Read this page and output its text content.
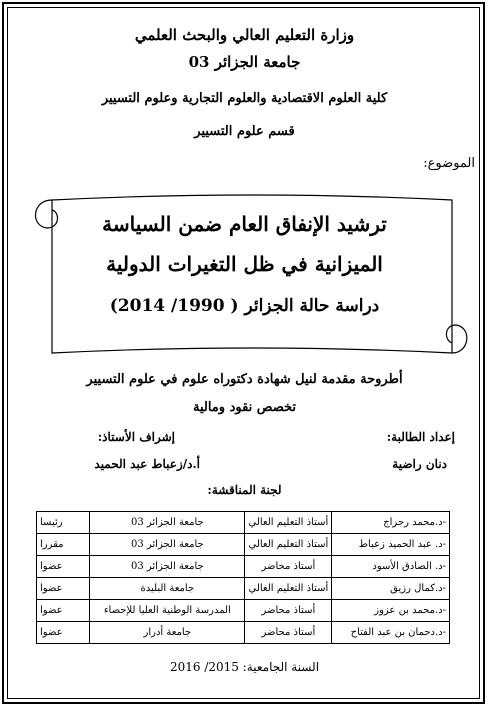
وزارة التعليم العالي والبحث العلمي
جامعة الجزائر 03
كلية العلوم الاقتصادية والعلوم التجارية وعلوم التسيير
قسم علوم التسيير
الموضوع:
ترشيد الإنفاق العام ضمن السياسة
الميزانية في ظل التغيرات الدولية
دراسة حالة الجزائر ( 1990/ 2014)
أطروحة مقدمة لنيل شهادة دكتوراه علوم في علوم التسيير
تخصص نقود ومالية
إعداد الطالبة:
إشراف الأستاذ:
دنان راضية
أ.د/زعباط عبد الحميد
لجنة المناقشة:
-د.محمد رجراج	أستاذ التعليم العالي	جامعة الجزائر 03	رئيسا
-د. عبد الحميد زعباط	أستاذ التعليم العالي	جامعة الجزائر 03	مقررا
-د. الصادق الأسود	أستاذ محاضر	جامعة الجزائر 03	عضوا
-د.كمال رزيق	أستاذ التعليم العالي	جامعة البليدة	عضوا
-د.محمد بن عزوز	أستاذ محاضر	المدرسة الوطنية العليا للإحصاء	عضوا
-د.دحمان بن عبد الفتاح	أستاذ محاضر	جامعة أدرار	عضوا
السنة الجامعية: 2015/ 2016
